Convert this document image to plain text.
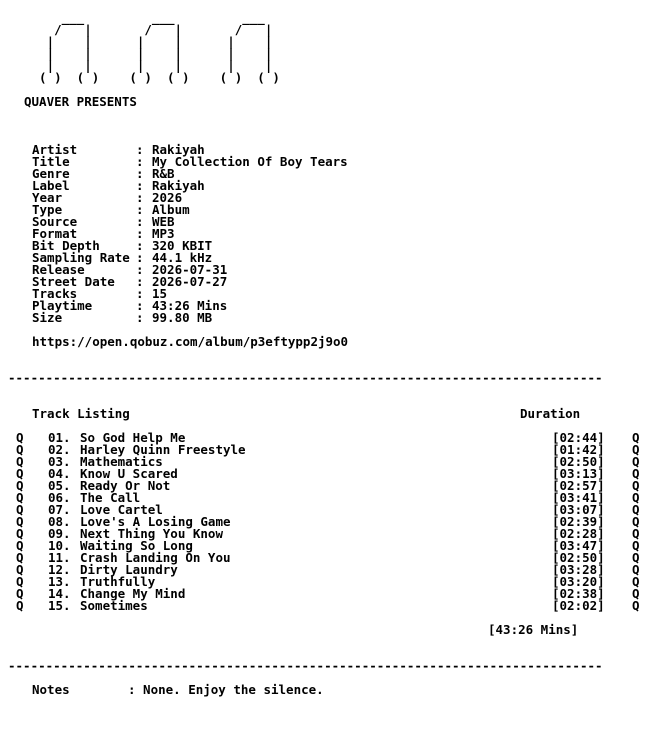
___         ___         ___
/   |       /   |       /   |
|    |      |    |      |    |
|    |      |    |      |    |
|    |      |    |      |    |
( )  ( )    ( )  ( )    ( )  ( )
QUAVER PRESENTS
Artist	: Rakiyah
Title	: My Collection Of Boy Tears
Genre	: R&B
Label	: Rakiyah
Year	: 2026
Type	: Album
Source	: WEB
Format	: MP3
Bit Depth	: 320 KBIT
Sampling Rate : 44.1 kHz
Release	: 2026-07-31
Street Date : 2026-07-27
Tracks	: 15
Playtime	: 43:26 Mins
Size	: 99.80 MB
https://open.qobuz.com/album/p3eftypp2j9o0
-------------------------------------------------------------------------------
Track Listing	Duration
Q 01. So God Help Me	[02:44] Q
Q 02. Harley Quinn Freestyle	[01:42] Q
Q 03. Mathematics	[02:50] Q
Q 04. Know U Scared	[03:13] Q
Q 05. Ready Or Not	[02:57] Q
Q 06. The Call	[03:41] Q
Q 07. Love Cartel	[03:07] Q
Q 08. Love's A Losing Game	[02:39] Q
Q 09. Next Thing You Know	[02:28] Q
Q 10. Waiting So Long	[03:47] Q
Q 11. Crash Landing On You	[02:50] Q
Q 12. Dirty Laundry	[03:28] Q
Q 13. Truthfully	[03:20] Q
Q 14. Change My Mind	[02:38] Q
Q 15. Sometimes	[02:02] Q
[43:26 Mins]
-------------------------------------------------------------------------------
Notes	: None. Enjoy the silence.
